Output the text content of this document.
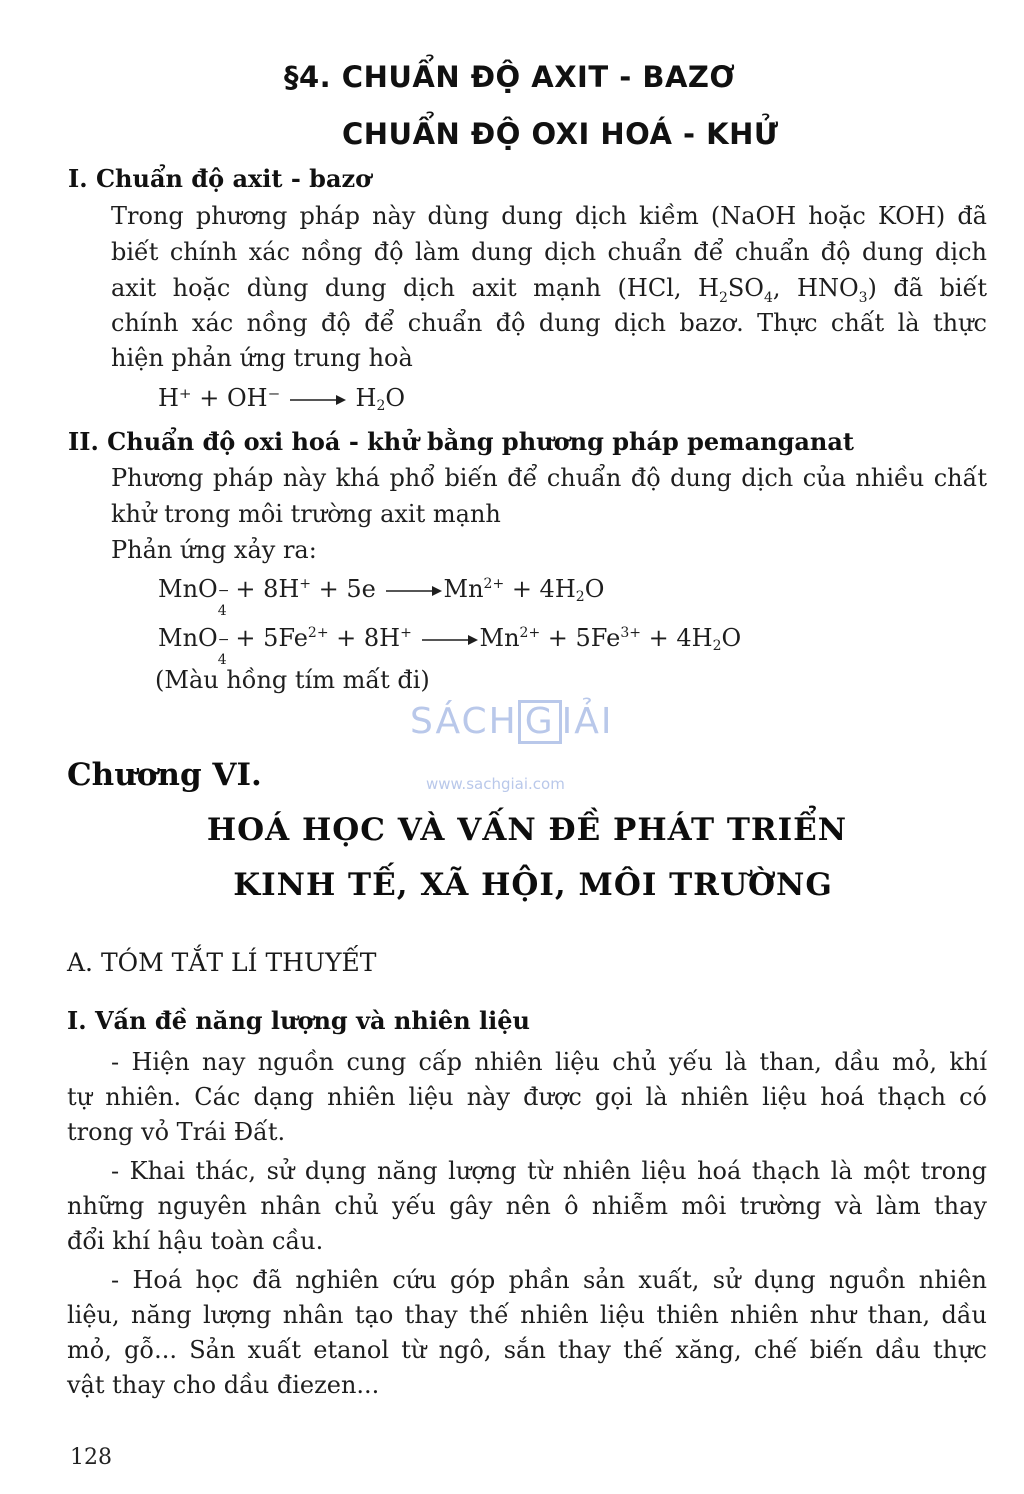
§4. CHUẨN ĐỘ AXIT - BAZƠ
CHUẨN ĐỘ OXI HOÁ - KHỬ
I. Chuẩn độ axit - bazơ
Trong phương pháp này dùng dung dịch kiềm (NaOH hoặc KOH) đã
biết chính xác nồng độ làm dung dịch chuẩn để chuẩn độ dung dịch
axit hoặc dùng dung dịch axit mạnh (HCl, $H_2SO_4$, $HNO_3$) đã biết
chính xác nồng độ để chuẩn độ dung dịch bazơ. Thực chất là thực
hiện phản ứng trung hoà
$H^+ + OH^- \to H_2O$
II. Chuẩn độ oxi hoá - khử bằng phương pháp pemanganat
Phương pháp này khá phổ biến để chuẩn độ dung dịch của nhiều chất
khử trong môi trường axit mạnh
Phản ứng xảy ra:
MnO −
4
+ $8H^+ + 5e \to Mn^{2+} + 4H_2O$
MnO −
4
+ $5Fe^{2+} + 8H^+ \to Mn^{2+} + 5Fe^{3+} + 4H_2O$
(Màu hồng tím mất đi)
SÁCH G IẢI
www.sachgiai.com
Chương VI.
HOÁ HỌC VÀ VẤN ĐỀ PHÁT TRIỂN
KINH TẾ, XÃ HỘI, MÔI TRƯỜNG
A. TÓM TẮT LÍ THUYẾT
I. Vấn đề năng lượng và nhiên liệu
- Hiện nay nguồn cung cấp nhiên liệu chủ yếu là than, dầu mỏ, khí
tự nhiên. Các dạng nhiên liệu này được gọi là nhiên liệu hoá thạch có
trong vỏ Trái Đất.
- Khai thác, sử dụng năng lượng từ nhiên liệu hoá thạch là một trong
những nguyên nhân chủ yếu gây nên ô nhiễm môi trường và làm thay
đổi khí hậu toàn cầu.
- Hoá học đã nghiên cứu góp phần sản xuất, sử dụng nguồn nhiên
liệu, năng lượng nhân tạo thay thế nhiên liệu thiên nhiên như than, dầu
mỏ, gỗ... Sản xuất etanol từ ngô, sắn thay thế xăng, chế biến dầu thực
vật thay cho dầu điezen...
128
